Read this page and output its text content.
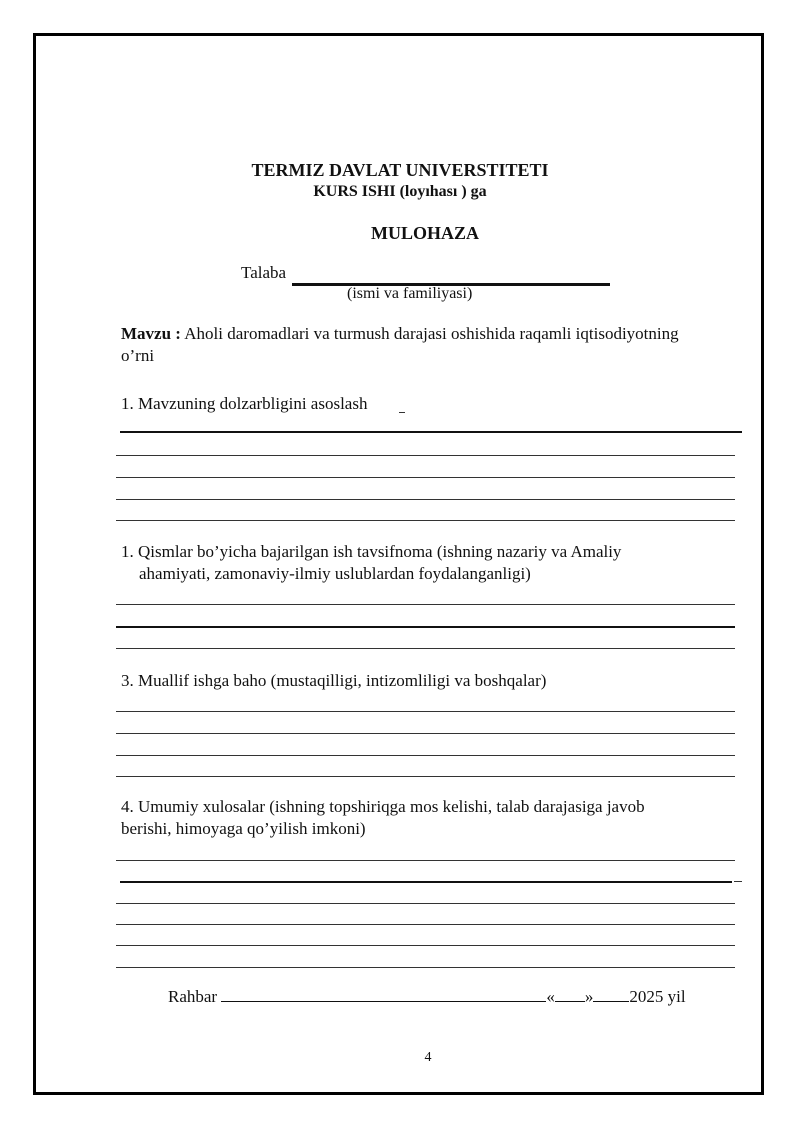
TERMIZ DAVLAT UNIVERSTITETI
KURS ISHI (loyıhası ) ga
MULOHAZA
Talaba
(ismi va familiyasi)
Mavzu : Aholi daromadlari va turmush darajasi oshishida raqamli iqtisodiyotning
o’rni
1. Mavzuning dolzarbligini asoslash
1. Qismlar bo’yicha bajarilgan ish tavsifnoma (ishning nazariy va Amaliy
ahamiyati, zamonaviy-ilmiy uslublardan foydalanganligi)
3. Muallif ishga baho (mustaqilligi, intizomliligi va boshqalar)
4. Umumiy xulosalar (ishning topshiriqga mos kelishi, talab darajasiga javob
berishi, himoyaga qo’yilish imkoni)
Rahbar	« » 2025 yil
4
